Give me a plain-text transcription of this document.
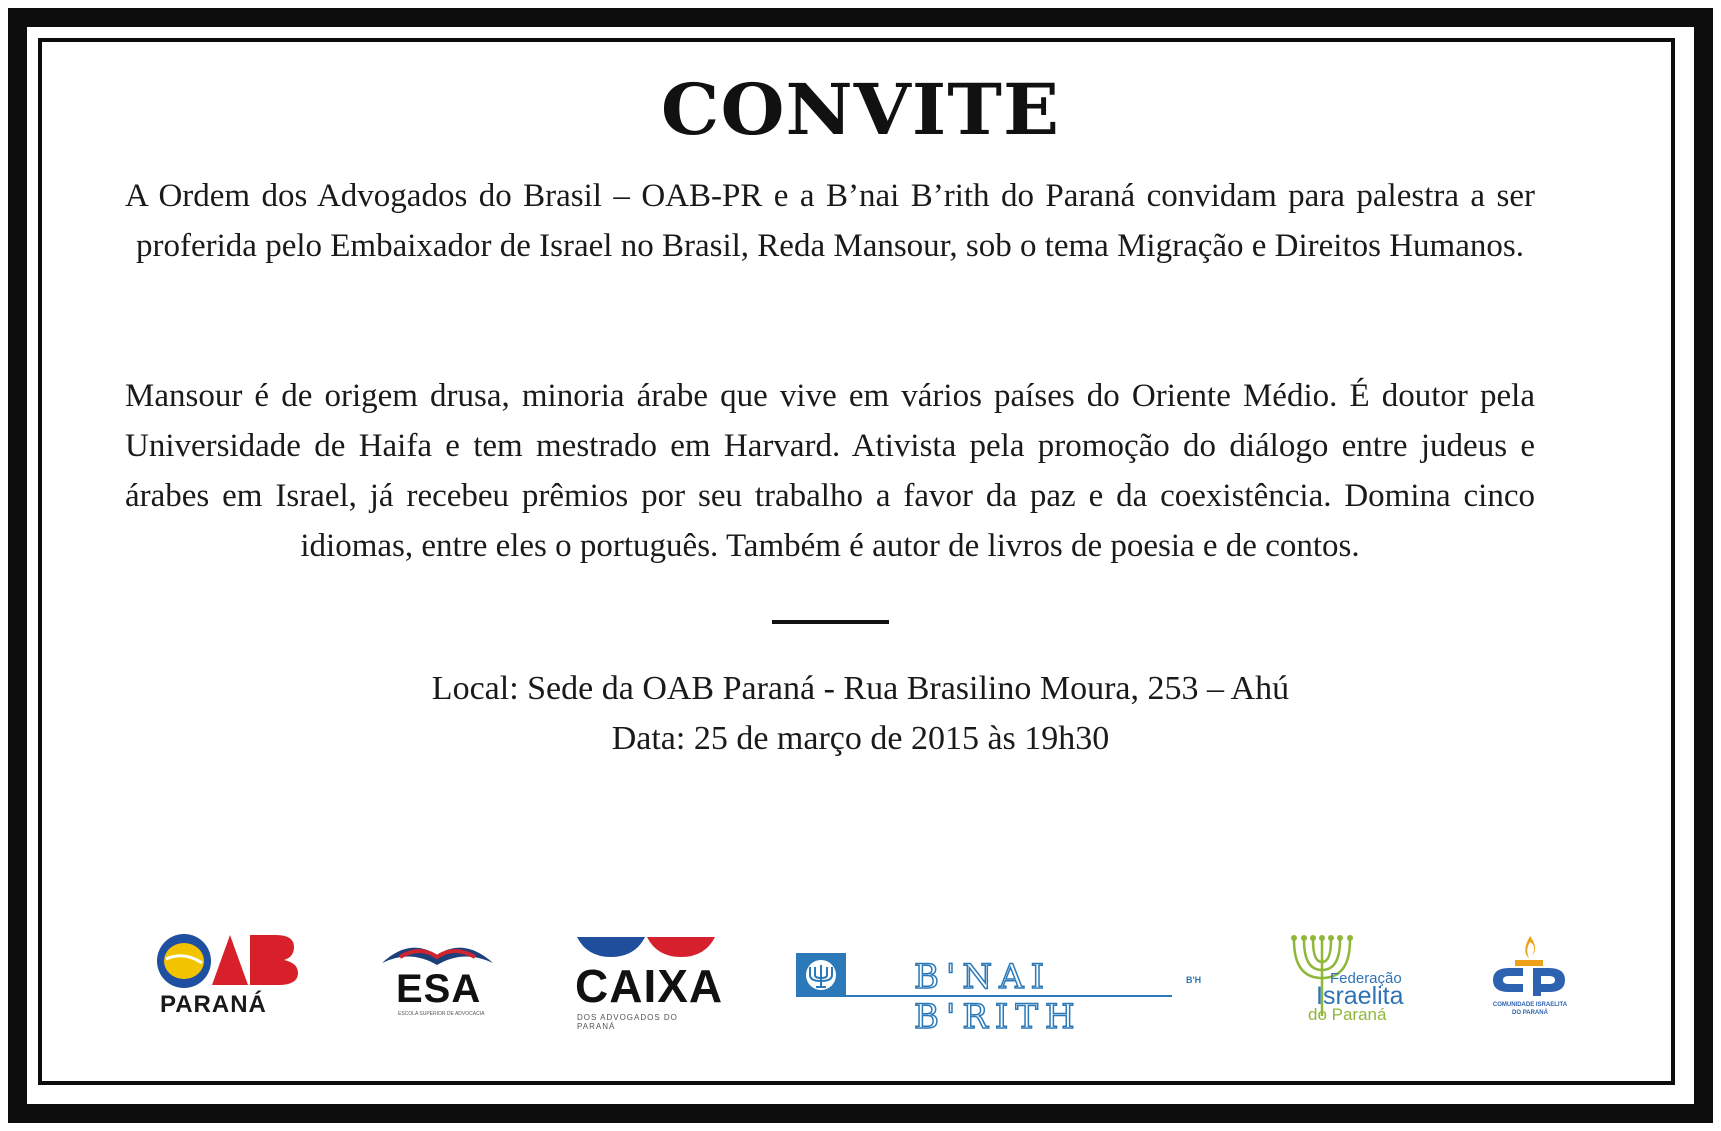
CONVITE
A Ordem dos Advogados do Brasil – OAB-PR e a B’nai B’rith do Paraná convidam para palestra a ser proferida pelo Embaixador de Israel no Brasil, Reda Mansour, sob o tema Migração e Direitos Humanos.
Mansour é de origem drusa, minoria árabe que vive em vários países do Oriente Médio. É doutor pela Universidade de Haifa e tem mestrado em Harvard. Ativista pela promoção do diálogo entre judeus e árabes em Israel, já recebeu prêmios por seu trabalho a favor da paz e da coexistência. Domina cinco idiomas, entre eles o português. Também é autor de livros de poesia e de contos.
Local: Sede da OAB Paraná - Rua Brasilino Moura, 253 – Ahú
Data: 25 de março de 2015 às 19h30
PARANÁ	ESA
ESCOLA SUPERIOR DE ADVOCACIA
CAIXA
DOS ADVOGADOS DO PARANÁ
B'NAI B'RITH
B'H	Federação
Israelita
do Paraná	COMUNIDADE ISRAELITA
DO PARANÁ
